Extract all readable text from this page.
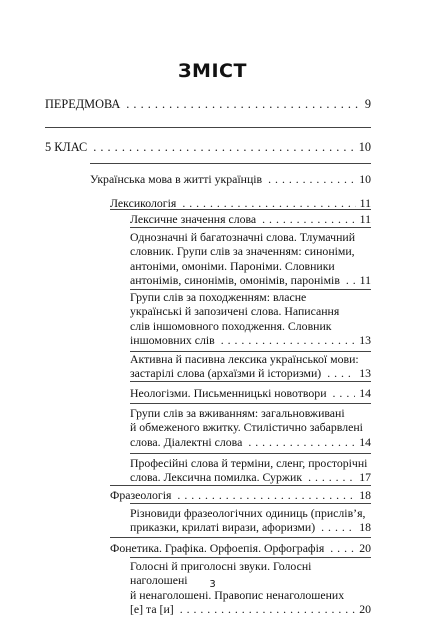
ЗМІСТ
ПЕРЕДМОВА . . .	9
5 КЛАС . . .	10
Українська мова в житті українців . . .	10
Лексикологія . . .	11
Лексичне значення слова . . .	11
Однозначні й багатозначні слова. Тлумачний
словник. Групи слів за значенням: синоніми,
антоніми, омоніми. Пароніми. Словники
антонімів, синонімів, омонімів, паронімів . . . 11
Групи слів за походженням: власне
українські й запозичені слова. Написання
слів іншомовного походження. Словник
іншомовних слів . . .	13
Активна й пасивна лексика української мови:
застарілі слова (архаїзми й історизми) . . .	13
Неологізми. Письменницькі новотвори . . .	14
Групи слів за вживанням: загальновживані
й обмеженого вжитку. Стилістично забарвлені
слова. Діалектні слова . . .	14
Професійні слова й терміни, сленг, просторічні
слова. Лексична помилка. Суржик . . .	17
Фразеологія . . .	18
Різновиди фразеологічних одиниць (прислів’я,
приказки, крилаті вирази, афоризми) . . .	18
Фонетика. Графіка. Орфоепія. Орфографія . . .	20
Голосні й приголосні звуки. Голосні наголошені
й ненаголошені. Правопис ненаголошених
[е] та [и] . . .	20
3
